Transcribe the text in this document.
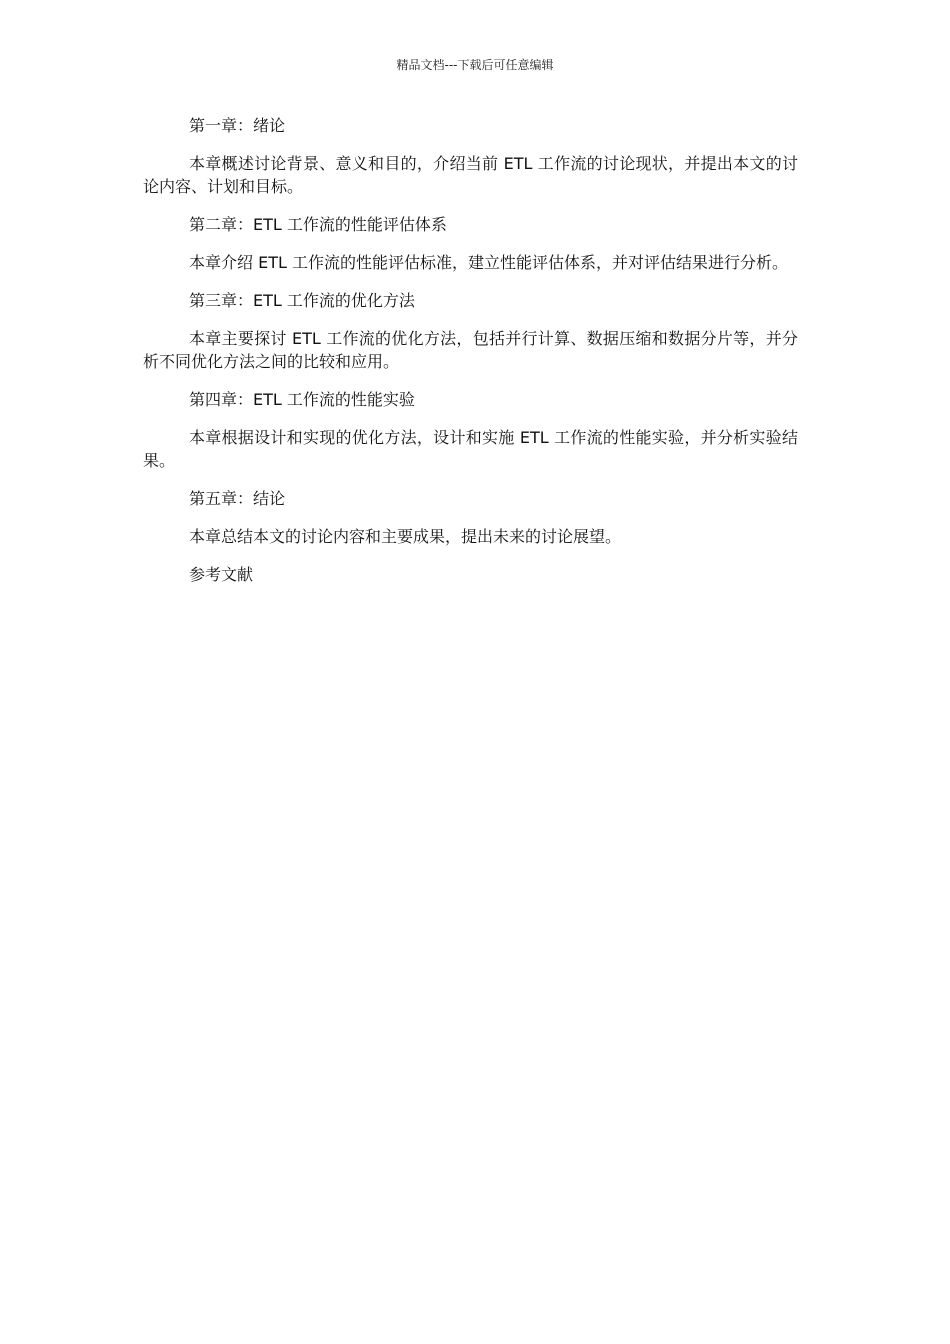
精品文档---下载后可任意编辑

第一章：绪论

本章概述讨论背景、意义和目的，介绍当前 ETL 工作流的讨论现状，并提出本文的讨论内容、计划和目标。

第二章：ETL 工作流的性能评估体系

本章介绍 ETL 工作流的性能评估标准，建立性能评估体系，并对评估结果进行分析。

第三章：ETL 工作流的优化方法

本章主要探讨 ETL 工作流的优化方法，包括并行计算、数据压缩和数据分片等，并分析不同优化方法之间的比较和应用。

第四章：ETL 工作流的性能实验

本章根据设计和实现的优化方法，设计和实施 ETL 工作流的性能实验，并分析实验结果。

第五章：结论

本章总结本文的讨论内容和主要成果，提出未来的讨论展望。

参考文献
